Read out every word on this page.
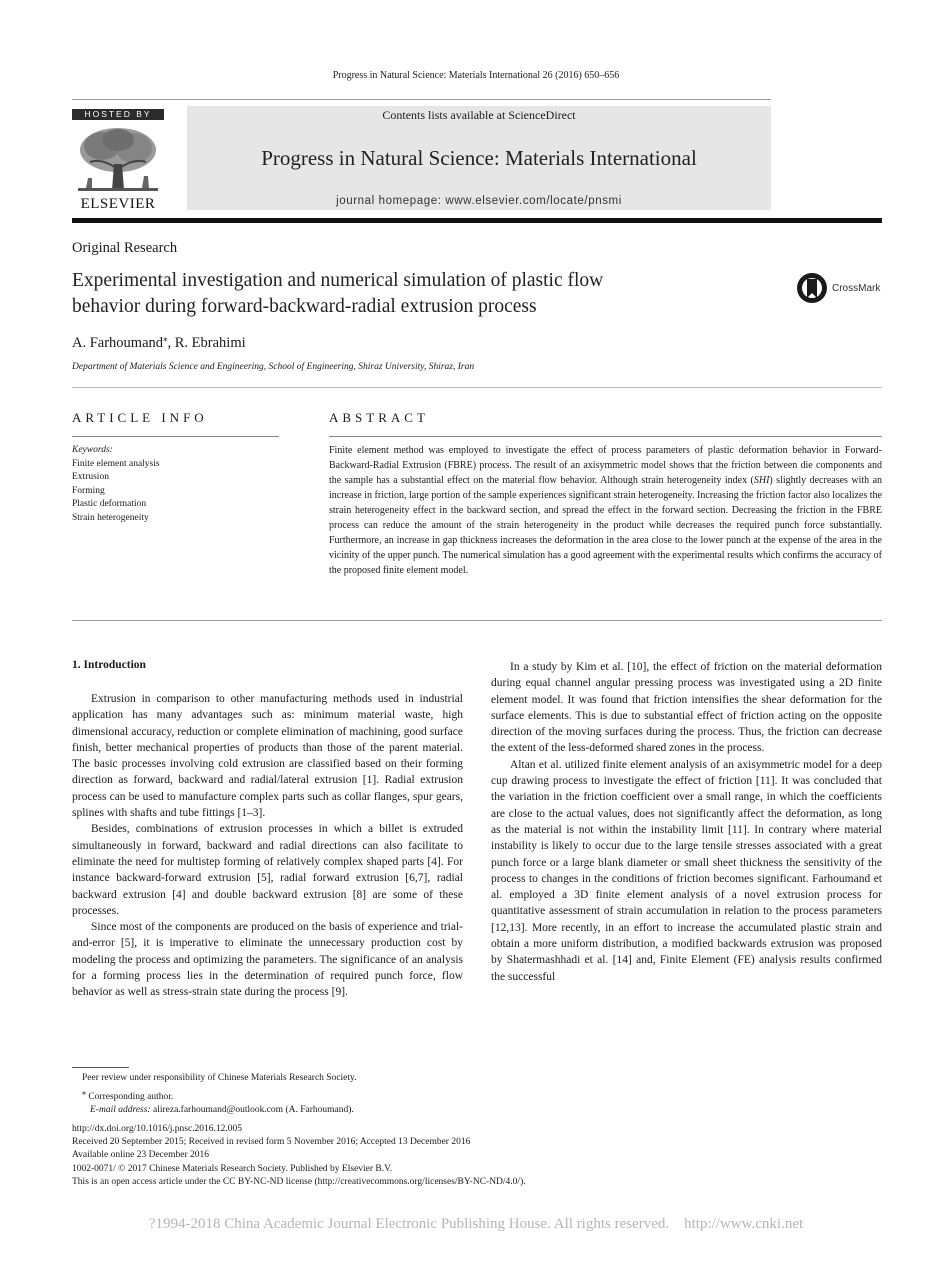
Progress in Natural Science: Materials International 26 (2016) 650–656
HOSTED BY
ELSEVIER
Contents lists available at ScienceDirect
Progress in Natural Science: Materials International
journal homepage: www.elsevier.com/locate/pnsmi
Original Research
Experimental investigation and numerical simulation of plastic flow
behavior during forward-backward-radial extrusion process
CrossMark
A. Farhoumand⁎, R. Ebrahimi
Department of Materials Science and Engineering, School of Engineering, Shiraz University, Shiraz, Iran
ARTICLE INFO	ABSTRACT
Keywords:
Finite element analysis
Extrusion
Forming
Plastic deformation
Strain heterogeneity
Finite element method was employed to investigate the effect of process parameters of plastic deformation behavior in Forward-Backward-Radial Extrusion (FBRE) process. The result of an axisymmetric model shows that the friction between die components and the sample has a substantial effect on the material flow behavior. Although strain heterogeneity index (SHI) slightly decreases with an increase in friction, large portion of the sample experiences significant strain heterogeneity. Increasing the friction factor also localizes the strain heterogeneity effect in the backward section, and spread the effect in the forward section. Decreasing the friction in the FBRE process can reduce the amount of the strain heterogeneity in the product while decreases the required punch force substantially. Furthermore, an increase in gap thickness increases the deformation in the area close to the lower punch at the expense of the area in the vicinity of the upper punch. The numerical simulation has a good agreement with the experimental results which confirms the accuracy of the proposed finite element model.
1. Introduction

Extrusion in comparison to other manufacturing methods used in industrial application has many advantages such as: minimum material waste, high dimensional accuracy, reduction or complete elimination of machining, good surface finish, better mechanical properties of products than those of the parent material. The basic processes involving cold extrusion are classified based on their forming direction as forward, backward and radial/lateral extrusion [1]. Radial extrusion process can be used to manufacture complex parts such as collar flanges, spur gears, splines with shafts and tube fittings [1–3].

Besides, combinations of extrusion processes in which a billet is extruded simultaneously in forward, backward and radial directions can also facilitate to eliminate the need for multistep forming of relatively complex shaped parts [4]. For instance backward-forward extrusion [5], radial forward extrusion [6,7], radial backward extrusion [4] and double backward extrusion [8] are some of these processes.

Since most of the components are produced on the basis of experience and trial-and-error [5], it is imperative to eliminate the unnecessary production cost by modeling the process and optimizing the parameters. The significance of an analysis for a forming process lies in the determination of required punch force, flow behavior as well as stress-strain state during the process [9].

In a study by Kim et al. [10], the effect of friction on the material deformation during equal channel angular pressing process was investigated using a 2D finite element model. It was found that friction intensifies the shear deformation for the surface elements. This is due to substantial effect of friction acting on the opposite direction of the moving surfaces during the process. Thus, the friction can decrease the extent of the less-deformed shared zones in the process.

Altan et al. utilized finite element analysis of an axisymmetric model for a deep cup drawing process to investigate the effect of friction [11]. It was concluded that the variation in the friction coefficient over a small range, in which the coefficients are close to the actual values, does not significantly affect the deformation, as long as the material is not within the instability limit [11]. In contrary where material instability is likely to occur due to the large tensile stresses associated with a great punch force or a large blank diameter or small sheet thickness the sensitivity of the process to changes in the conditions of friction becomes significant. Farhoumand et al. employed a 3D finite element analysis of a novel extrusion process for quantitative assessment of strain accumulation in relation to the process parameters [12,13]. More recently, in an effort to increase the accumulated plastic strain and obtain a more uniform distribution, a modified backwards extrusion was proposed by Shatermashhadi et al. [14] and, Finite Element (FE) analysis results confirmed the successful

Peer review under responsibility of Chinese Materials Research Society.
⁎ Corresponding author.
E-mail address: alireza.farhoumand@outlook.com (A. Farhoumand).
http://dx.doi.org/10.1016/j.pnsc.2016.12.005
Received 20 September 2015; Received in revised form 5 November 2016; Accepted 13 December 2016
Available online 23 December 2016
1002-0071/ © 2017 Chinese Materials Research Society. Published by Elsevier B.V.
This is an open access article under the CC BY-NC-ND license (http://creativecommons.org/licenses/BY-NC-ND/4.0/).
?1994-2018 China Academic Journal Electronic Publishing House. All rights reserved.    http://www.cnki.net
